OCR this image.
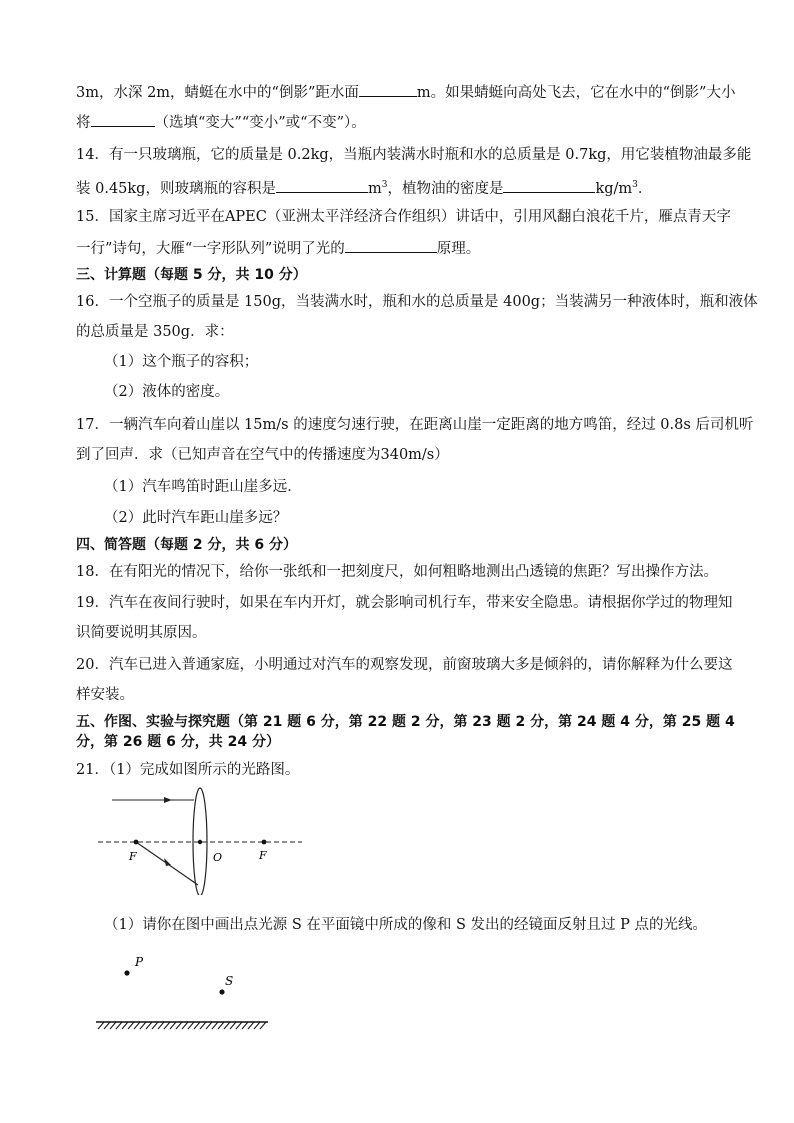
3m，水深 2m，蜻蜓在水中的“倒影”距水面	m。如果蜻蜓向高处飞去，它在水中的“倒影”大小
将	（选填“变大”“变小”或“不变”）。
14．有一只玻璃瓶，它的质量是 0.2kg，当瓶内装满水时瓶和水的总质量是 0.7kg，用它装植物油最多能
装 0.45kg，则玻璃瓶的容积是	$m^3$，植物油的密度是	$kg/m^3$．
15．国家主席习近平在APEC（亚洲太平洋经济合作组织）讲话中，引用风翻白浪花千片，雁点青天字
一行”诗句，大雁“一字形队列”说明了光的	原理。
三、计算题（每题 5 分，共 10 分）
16．一个空瓶子的质量是 150g，当装满水时，瓶和水的总质量是 400g；当装满另一种液体时，瓶和液体
的总质量是 350g．求：
（1）这个瓶子的容积；
（2）液体的密度。
17．一辆汽车向着山崖以 15m/s 的速度匀速行驶，在距离山崖一定距离的地方鸣笛，经过 0.8s 后司机听
到了回声．求（已知声音在空气中的传播速度为340m/s）
（1）汽车鸣笛时距山崖多远．
（2）此时汽车距山崖多远？
四、简答题（每题 2 分，共 6 分）
18．在有阳光的情况下，给你一张纸和一把刻度尺，如何粗略地测出凸透镜的焦距？写出操作方法。
19．汽车在夜间行驶时，如果在车内开灯，就会影响司机行车，带来安全隐患。请根据你学过的物理知
识简要说明其原因。
20．汽车已进入普通家庭，小明通过对汽车的观察发现，前窗玻璃大多是倾斜的，请你解释为什么要这
样安装。
五、作图、实验与探究题（第 21 题 6 分，第 22 题 2 分，第 23 题 2 分，第 24 题 4 分，第 25 题 4
分，第 26 题 6 分，共 24 分）
21．（1）完成如图所示的光路图。
F	O	F
（1）请你在图中画出点光源 S 在平面镜中所成的像和 S 发出的经镜面反射且过 P 点的光线。
P
S
